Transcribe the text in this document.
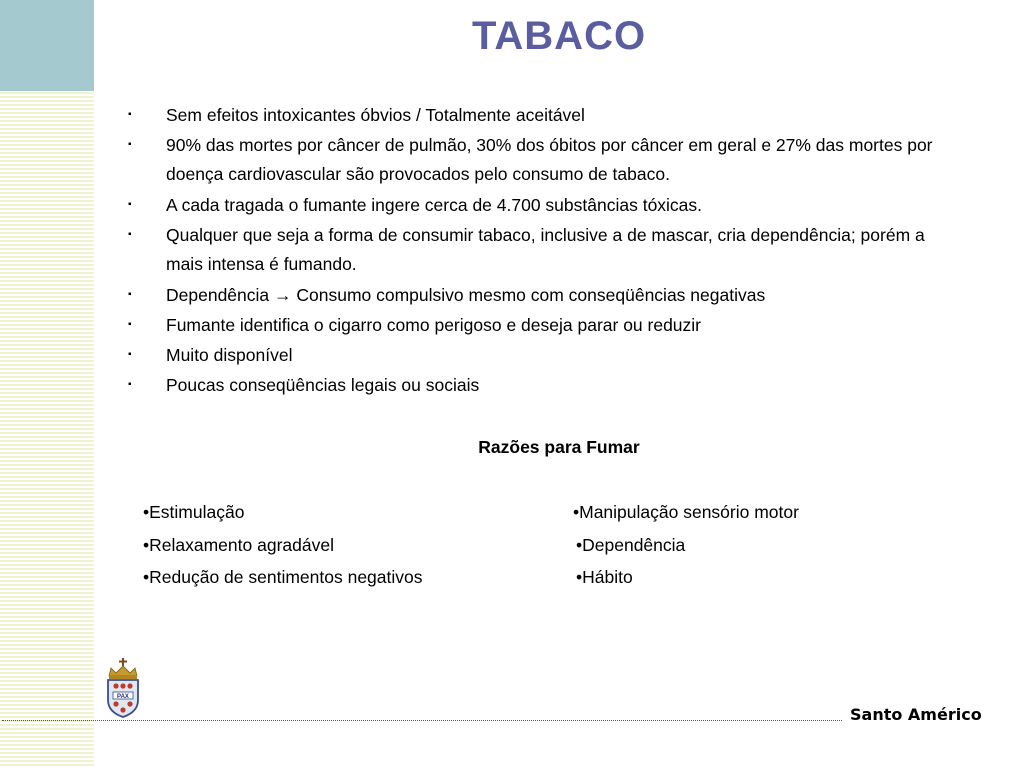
TABACO
▪ Sem efeitos intoxicantes óbvios / Totalmente aceitável
▪ 90% das mortes por câncer de pulmão, 30% dos óbitos por câncer em geral e 27% das mortes por doença cardiovascular são provocados pelo consumo de tabaco.
▪ A cada tragada o fumante ingere cerca de 4.700 substâncias tóxicas.
▪ Qualquer que seja a forma de consumir tabaco, inclusive a de mascar, cria dependência; porém a mais intensa é fumando.
▪ Dependência → Consumo compulsivo mesmo com conseqüências negativas
▪ Fumante identifica o cigarro como perigoso e deseja parar ou reduzir
▪ Muito disponível
▪ Poucas conseqüências legais ou sociais
Razões para Fumar
•Estimulação
•Relaxamento agradável
•Redução de sentimentos negativos
•Manipulação sensório motor
•Dependência
•Hábito
PAX
Santo Américo
